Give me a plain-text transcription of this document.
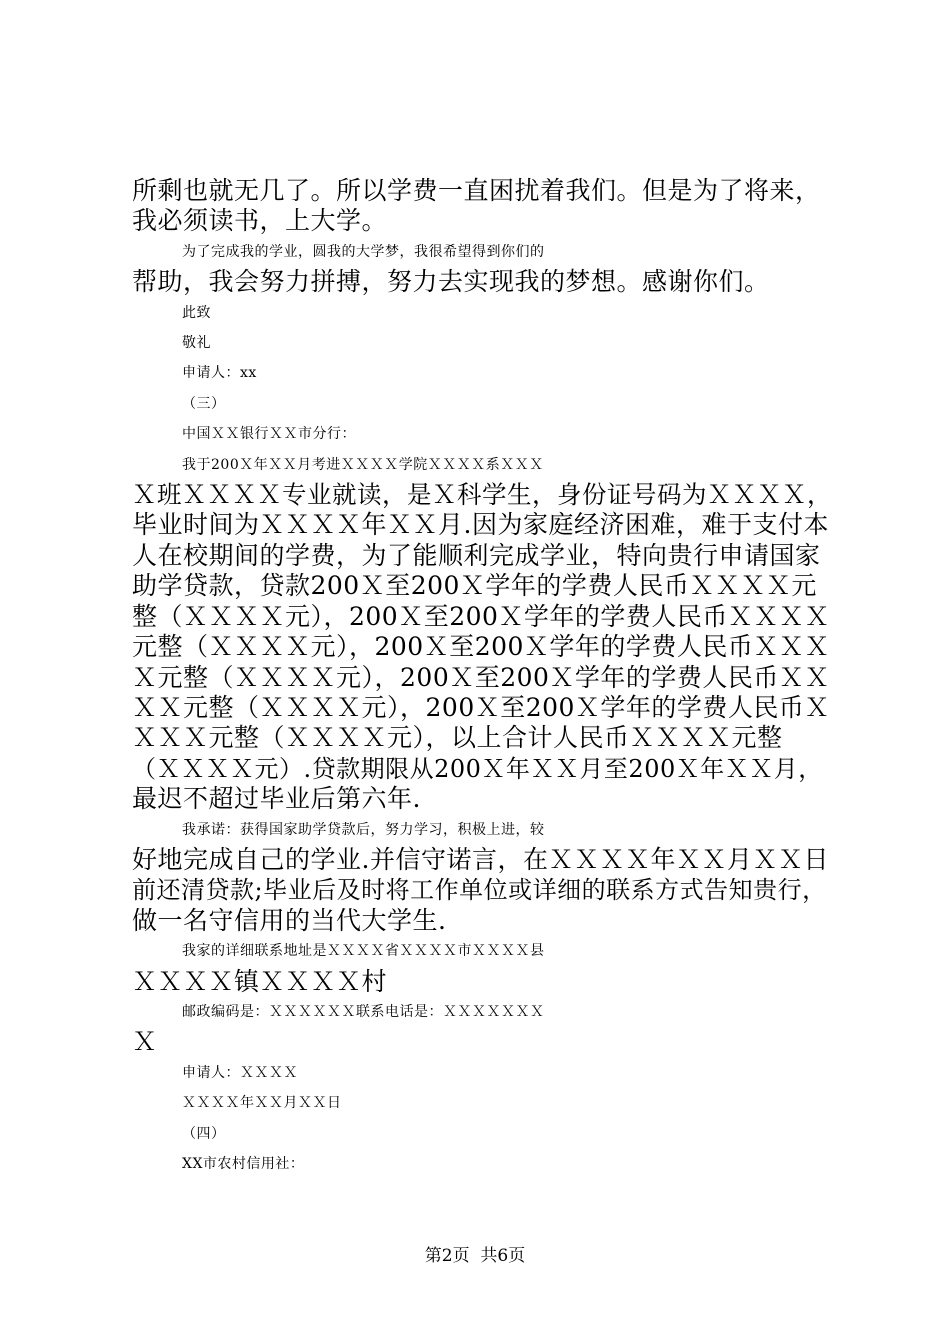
所剩也就无几了。所以学费一直困扰着我们。但是为了将来，
我必须读书，上大学。
为了完成我的学业，圆我的大学梦，我很希望得到你们的
帮助，我会努力拼搏，努力去实现我的梦想。感谢你们。
此致
敬礼
申请人：xx
（三）
中国ＸＸ银行ＸＸ市分行：
我于200Ｘ年ＸＸ月考进ＸＸＸＸ学院ＸＸＸＸ系ＸＸＸ
Ｘ班ＸＸＸＸ专业就读，是Ｘ科学生，身份证号码为ＸＸＸＸ，
毕业时间为ＸＸＸＸ年ＸＸ月.因为家庭经济困难，难于支付本
人在校期间的学费，为了能顺利完成学业，特向贵行申请国家
助学贷款，贷款200Ｘ至200Ｘ学年的学费人民币ＸＸＸＸ元
整（ＸＸＸＸ元），200Ｘ至200Ｘ学年的学费人民币ＸＸＸＸ
元整（ＸＸＸＸ元），200Ｘ至200Ｘ学年的学费人民币ＸＸＸ
Ｘ元整（ＸＸＸＸ元），200Ｘ至200Ｘ学年的学费人民币ＸＸ
ＸＸ元整（ＸＸＸＸ元），200Ｘ至200Ｘ学年的学费人民币Ｘ
ＸＸＸ元整（ＸＸＸＸ元），以上合计人民币ＸＸＸＸ元整
（ＸＸＸＸ元）.贷款期限从200Ｘ年ＸＸ月至200Ｘ年ＸＸ月，
最迟不超过毕业后第六年.
我承诺：获得国家助学贷款后，努力学习，积极上进，较
好地完成自己的学业.并信守诺言，在ＸＸＸＸ年ＸＸ月ＸＸ日
前还清贷款;毕业后及时将工作单位或详细的联系方式告知贵行，
做一名守信用的当代大学生.
我家的详细联系地址是ＸＸＸＸ省ＸＸＸＸ市ＸＸＸＸ县
ＸＸＸＸ镇ＸＸＸＸ村
邮政编码是：ＸＸＸＸＸＸ联系电话是：ＸＸＸＸＸＸＸ
Ｘ
申请人：ＸＸＸＸ
ＸＸＸＸ年ＸＸ月ＸＸ日
（四）
XX市农村信用社：
第2页  共6页
